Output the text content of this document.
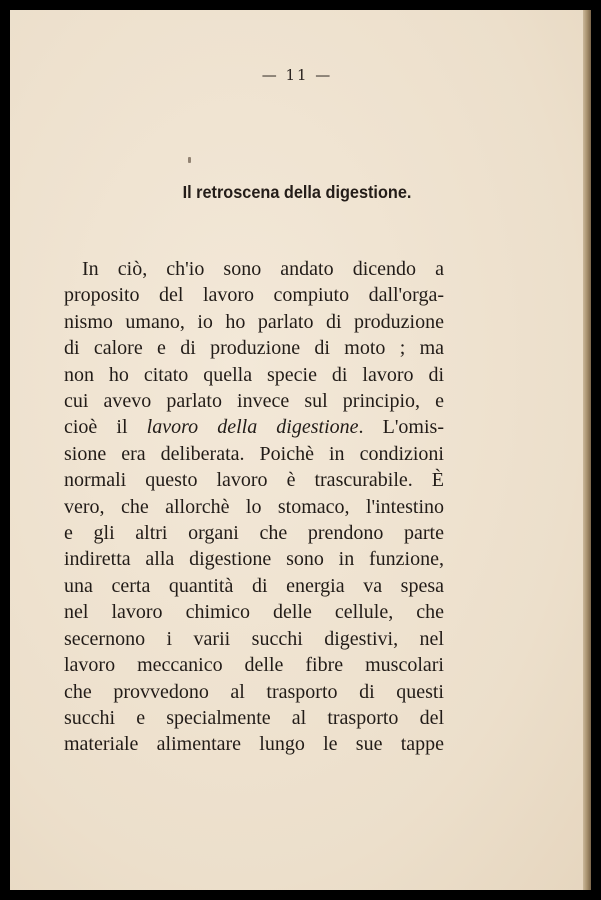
— 11 —
Il retroscena della digestione.
In ciò, ch'io sono andato dicendo a
proposito del lavoro compiuto dall'orga-
nismo umano, io ho parlato di produzione
di calore e di produzione di moto ; ma
non ho citato quella specie di lavoro di
cui avevo parlato invece sul principio, e
cioè il lavoro della digestione. L'omis-
sione era deliberata. Poichè in condizioni
normali questo lavoro è trascurabile. È
vero, che allorchè lo stomaco, l'intestino
e gli altri organi che prendono parte
indiretta alla digestione sono in funzione,
una certa quantità di energia va spesa
nel lavoro chimico delle cellule, che
secernono i varii succhi digestivi, nel
lavoro meccanico delle fibre muscolari
che provvedono al trasporto di questi
succhi e specialmente al trasporto del
materiale alimentare lungo le sue tappe
